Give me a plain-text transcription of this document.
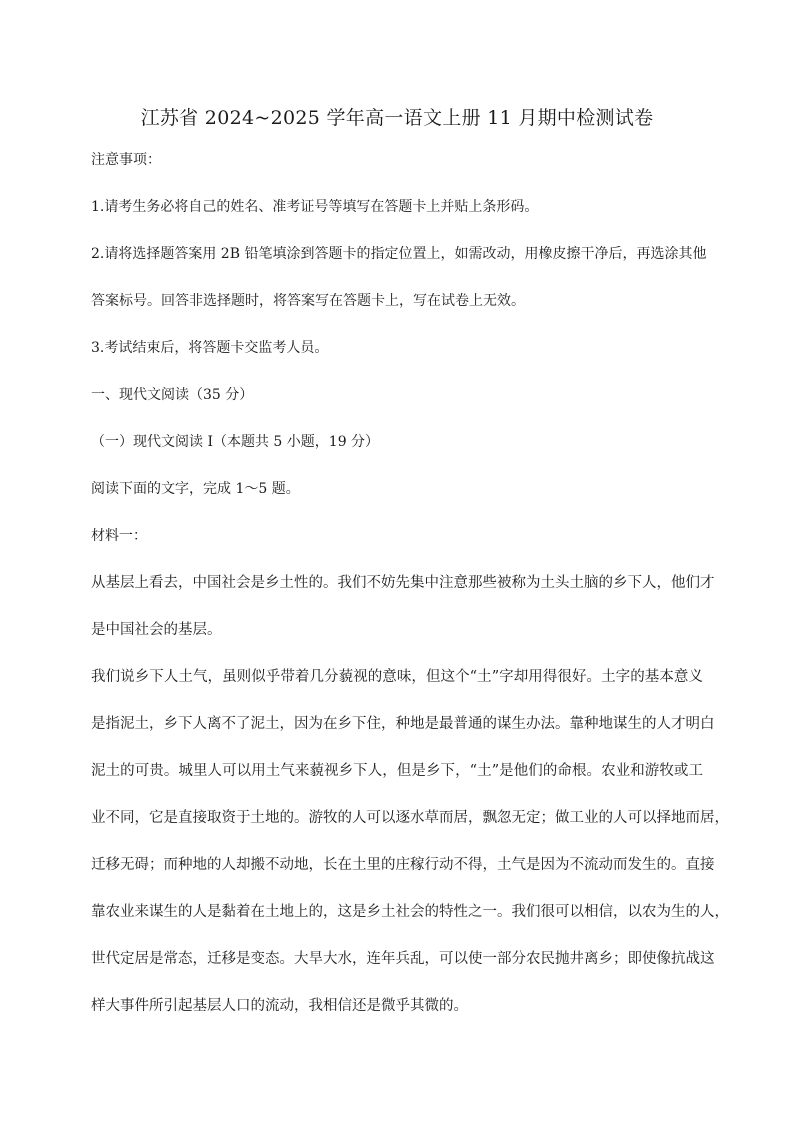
江苏省 2024~2025 学年高一语文上册 11 月期中检测试卷
注意事项：
1.请考生务必将自己的姓名、准考证号等填写在答题卡上并贴上条形码。
2.请将选择题答案用 2B 铅笔填涂到答题卡的指定位置上，如需改动，用橡皮擦干净后，再选涂其他
答案标号。回答非选择题时，将答案写在答题卡上，写在试卷上无效。
3.考试结束后，将答题卡交监考人员。
一、现代文阅读（35 分）
（一）现代文阅读 I（本题共 5 小题，19 分）
阅读下面的文字，完成 1～5 题。
材料一：
从基层上看去，中国社会是乡土性的。我们不妨先集中注意那些被称为土头土脑的乡下人，他们才
是中国社会的基层。
我们说乡下人土气，虽则似乎带着几分藐视的意味，但这个“土”字却用得很好。土字的基本意义
是指泥土，乡下人离不了泥土，因为在乡下住，种地是最普通的谋生办法。靠种地谋生的人才明白
泥土的可贵。城里人可以用土气来藐视乡下人，但是乡下，“土”是他们的命根。农业和游牧或工
业不同，它是直接取资于土地的。游牧的人可以逐水草而居，飘忽无定；做工业的人可以择地而居，
迁移无碍；而种地的人却搬不动地，长在土里的庄稼行动不得，土气是因为不流动而发生的。直接
靠农业来谋生的人是黏着在土地上的，这是乡土社会的特性之一。我们很可以相信，以农为生的人，
世代定居是常态，迁移是变态。大旱大水，连年兵乱，可以使一部分农民抛井离乡；即使像抗战这
样大事件所引起基层人口的流动，我相信还是微乎其微的。
